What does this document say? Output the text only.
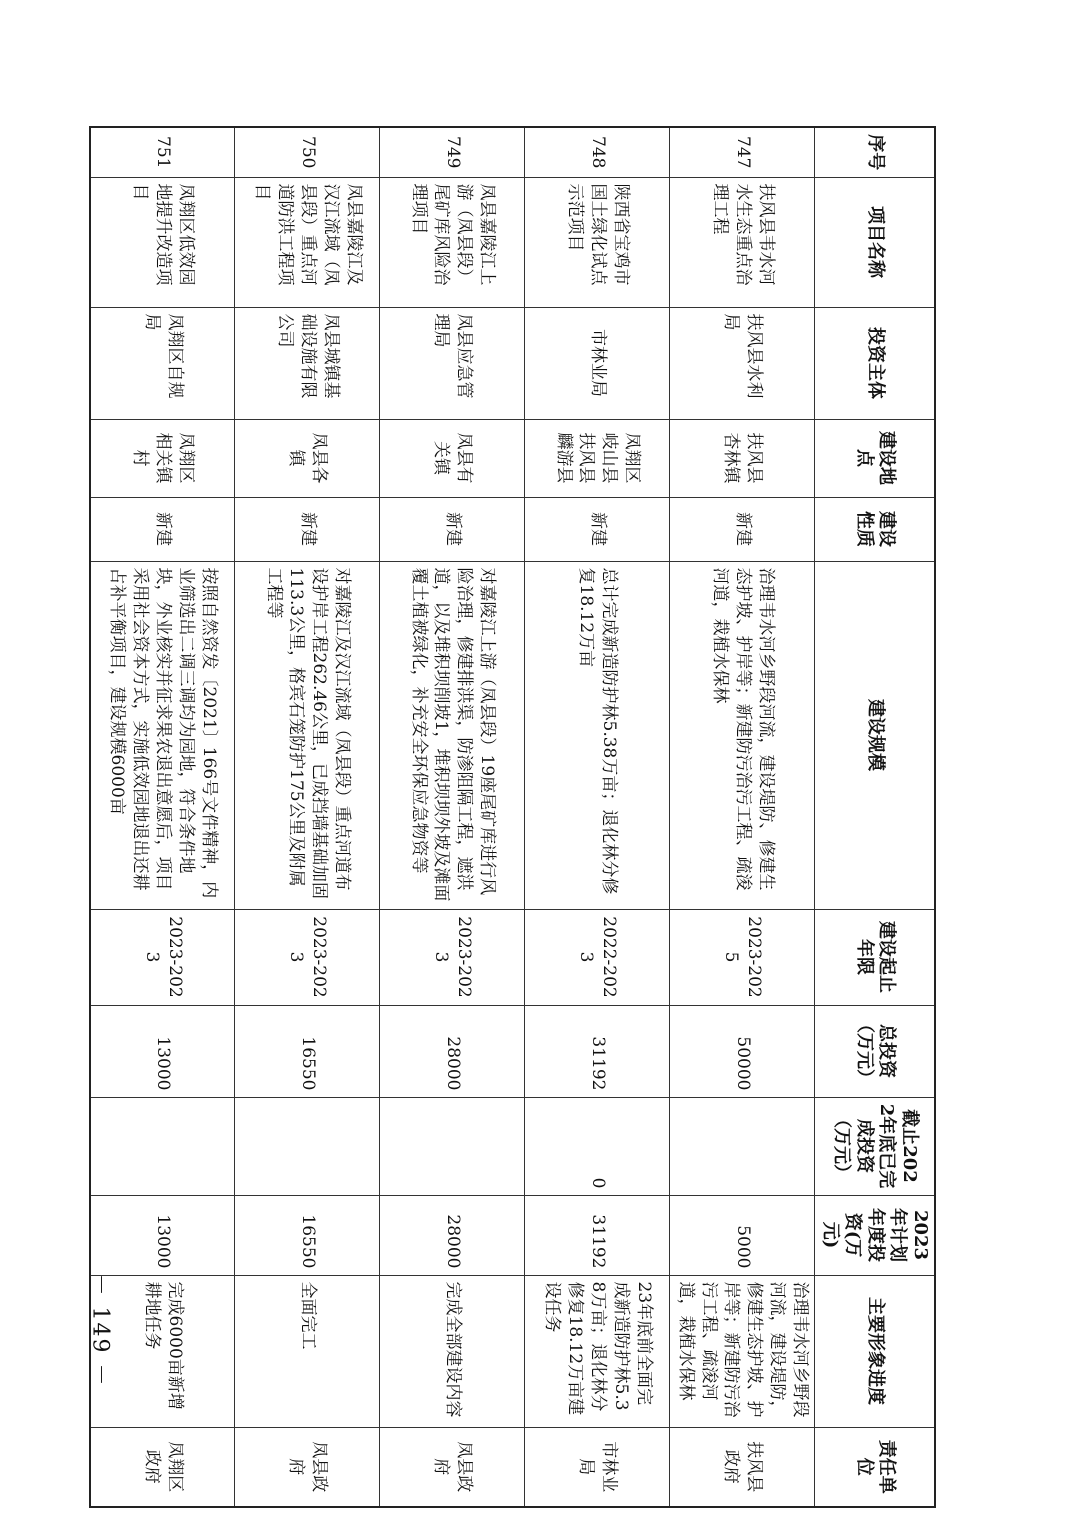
序号	项目名称	投资主体	建设地点	建设性质	建设规模	建设起止年限	总投资（万元）	截止2022年底已完成投资（万元）	2023年计划年度投资(万元)	主要形象进度	责任单位
747	扶风县韦水河水生态重点治理工程	扶风县水利局	扶风县杏林镇	新建	治理韦水河乡野段河流，建设堤防、修建生态护坡、护岸等；新建防污治污工程、疏浚河道，栽植水保林	2023-2025	50000		5000	治理韦水河乡野段河流，建设堤防，修建生态护坡、护岸等；新建防污治污工程、疏浚河道，栽植水保林	扶风县政府
748	陕西省宝鸡市国土绿化试点示范项目	市林业局	凤翔区岐山县扶风县麟游县	新建	总计完成新造防护林5.38万亩；退化林分修复18.12万亩	2022-2023	31192	0	31192	23年底前全面完成新造防护林5.38万亩；退化林分修复18.12万亩建设任务	市林业局
749	凤县嘉陵江上游（凤县段）尾矿库风险治理项目	凤县应急管理局	凤县有关镇	新建	对嘉陵江上游（凤县段）19座尾矿库进行风险治理，修建排洪渠，防渗阻隔工程，遮洪道，以及堆积坝削坡1，堆积坝坝外坡及滩面覆土植被绿化，补充安全环保应急物资等	2023-2023	28000		28000	完成全部建设内容	凤县政府
750	凤县嘉陵江及汉江流域（凤县段）重点河道防洪工程项目	凤县城镇基础设施有限公司	凤县各镇	新建	对嘉陵江及汉江流域（凤县段）重点河道布设护岸工程262.46公里，已成挡墙基础加固113.3公里，格宾石笼防护175公里及附属工程等	2023-2023	16550		16550	全面完工	凤县政府
751	凤翔区低效园地提升改造项目	凤翔区自规局	凤翔区相关镇村	新建	按照自然资发〔2021〕166号文件精神，内业筛选出二调三调均为园地，符合条件地块，外业核实并征求果农退出意愿后，项目采用社会资本方式，实施低效园地退出还耕占补平衡项目，建设规模6000亩	2023-2023	13000		13000	完成6000亩新增耕地任务	凤翔区政府
－ 149 －
